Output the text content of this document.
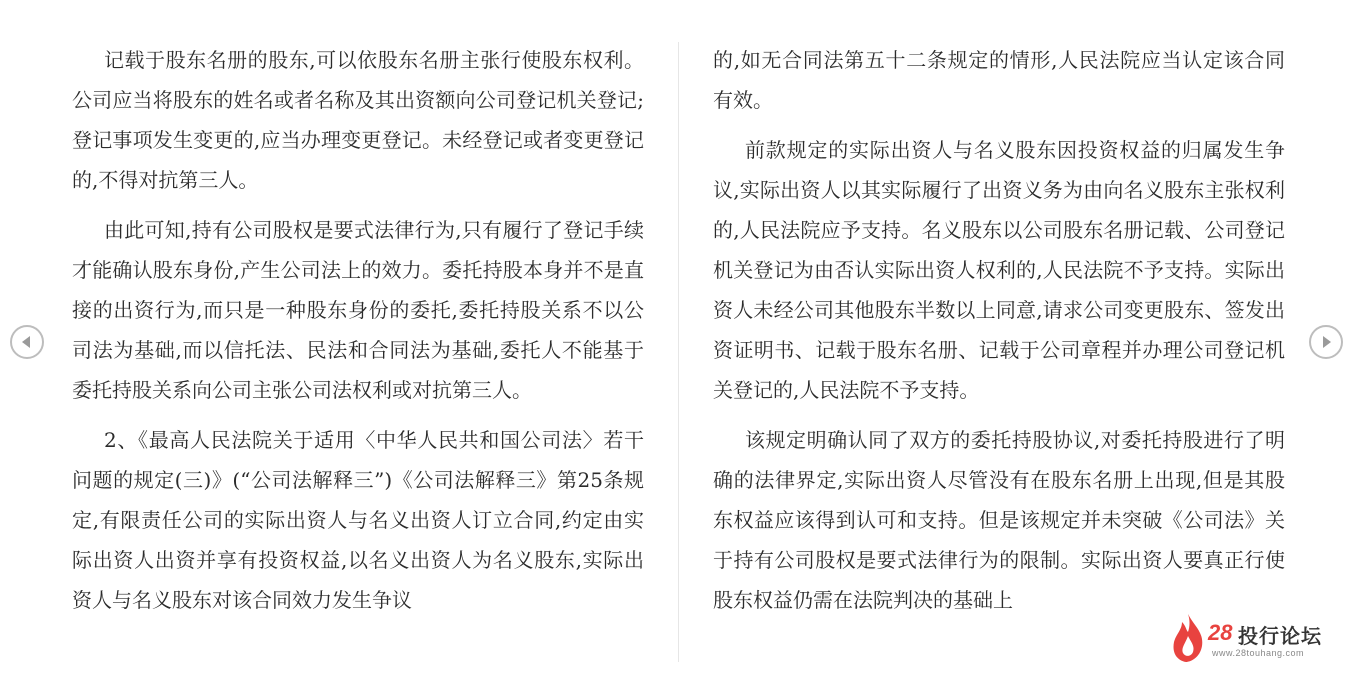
记载于股东名册的股东,可以依股东名册主张行使股东权利。公司应当将股东的姓名或者名称及其出资额向公司登记机关登记;登记事项发生变更的,应当办理变更登记。未经登记或者变更登记的,不得对抗第三人。

由此可知,持有公司股权是要式法律行为,只有履行了登记手续才能确认股东身份,产生公司法上的效力。委托持股本身并不是直接的出资行为,而只是一种股东身份的委托,委托持股关系不以公司法为基础,而以信托法、民法和合同法为基础,委托人不能基于委托持股关系向公司主张公司法权利或对抗第三人。

2、《最高人民法院关于适用〈中华人民共和国公司法〉若干问题的规定(三)》(“公司法解释三”)《公司法解释三》第25条规定,有限责任公司的实际出资人与名义出资人订立合同,约定由实际出资人出资并享有投资权益,以名义出资人为名义股东,实际出资人与名义股东对该合同效力发生争议

的,如无合同法第五十二条规定的情形,人民法院应当认定该合同有效。

前款规定的实际出资人与名义股东因投资权益的归属发生争议,实际出资人以其实际履行了出资义务为由向名义股东主张权利的,人民法院应予支持。名义股东以公司股东名册记载、公司登记机关登记为由否认实际出资人权利的,人民法院不予支持。实际出资人未经公司其他股东半数以上同意,请求公司变更股东、签发出资证明书、记载于股东名册、记载于公司章程并办理公司登记机关登记的,人民法院不予支持。

该规定明确认同了双方的委托持股协议,对委托持股进行了明确的法律界定,实际出资人尽管没有在股东名册上出现,但是其股东权益应该得到认可和支持。但是该规定并未突破《公司法》关于持有公司股权是要式法律行为的限制。实际出资人要真正行使股东权益仍需在法院判决的基础上

28 投行论坛
www.28touhang.com
